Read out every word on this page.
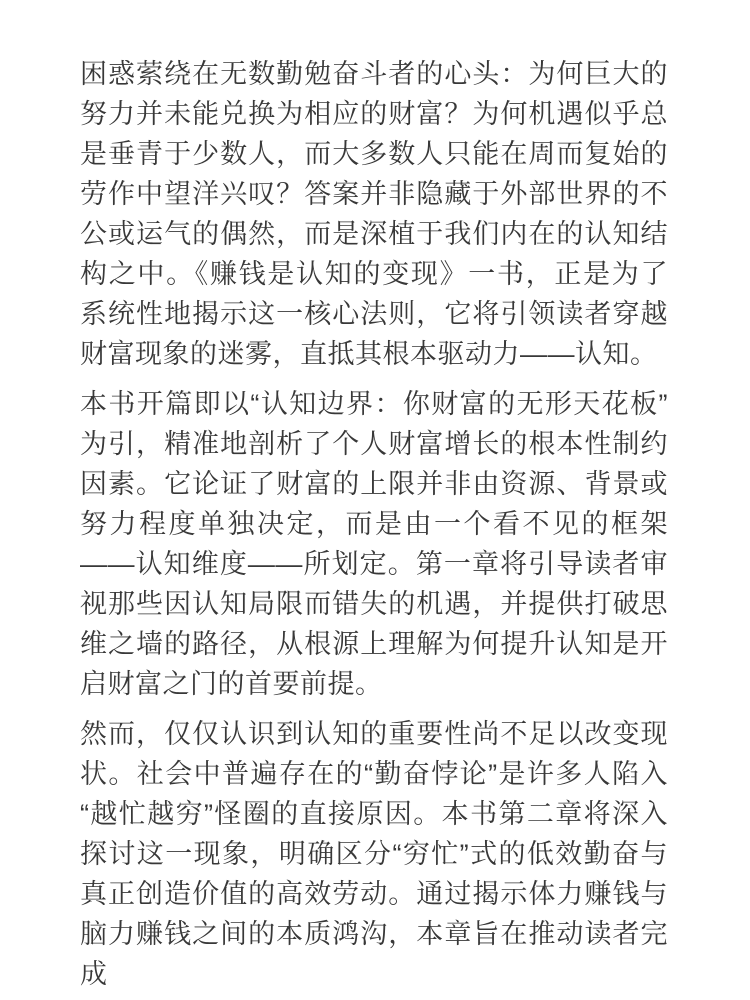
困惑萦绕在无数勤勉奋斗者的心头：为何巨大的努力并未能兑换为相应的财富？为何机遇似乎总是垂青于少数人，而大多数人只能在周而复始的劳作中望洋兴叹？答案并非隐藏于外部世界的不公或运气的偶然，而是深植于我们内在的认知结构之中。《赚钱是认知的变现》一书，正是为了系统性地揭示这一核心法则，它将引领读者穿越财富现象的迷雾，直抵其根本驱动力——认知。

本书开篇即以“认知边界：你财富的无形天花板”为引，精准地剖析了个人财富增长的根本性制约因素。它论证了财富的上限并非由资源、背景或努力程度单独决定，而是由一个看不见的框架——认知维度——所划定。第一章将引导读者审视那些因认知局限而错失的机遇，并提供打破思维之墙的路径，从根源上理解为何提升认知是开启财富之门的首要前提。

然而，仅仅认识到认知的重要性尚不足以改变现状。社会中普遍存在的“勤奋悖论”是许多人陷入“越忙越穷”怪圈的直接原因。本书第二章将深入探讨这一现象，明确区分“穷忙”式的低效勤奋与真正创造价值的高效劳动。通过揭示体力赚钱与脑力赚钱之间的本质鸿沟，本章旨在推动读者完成
